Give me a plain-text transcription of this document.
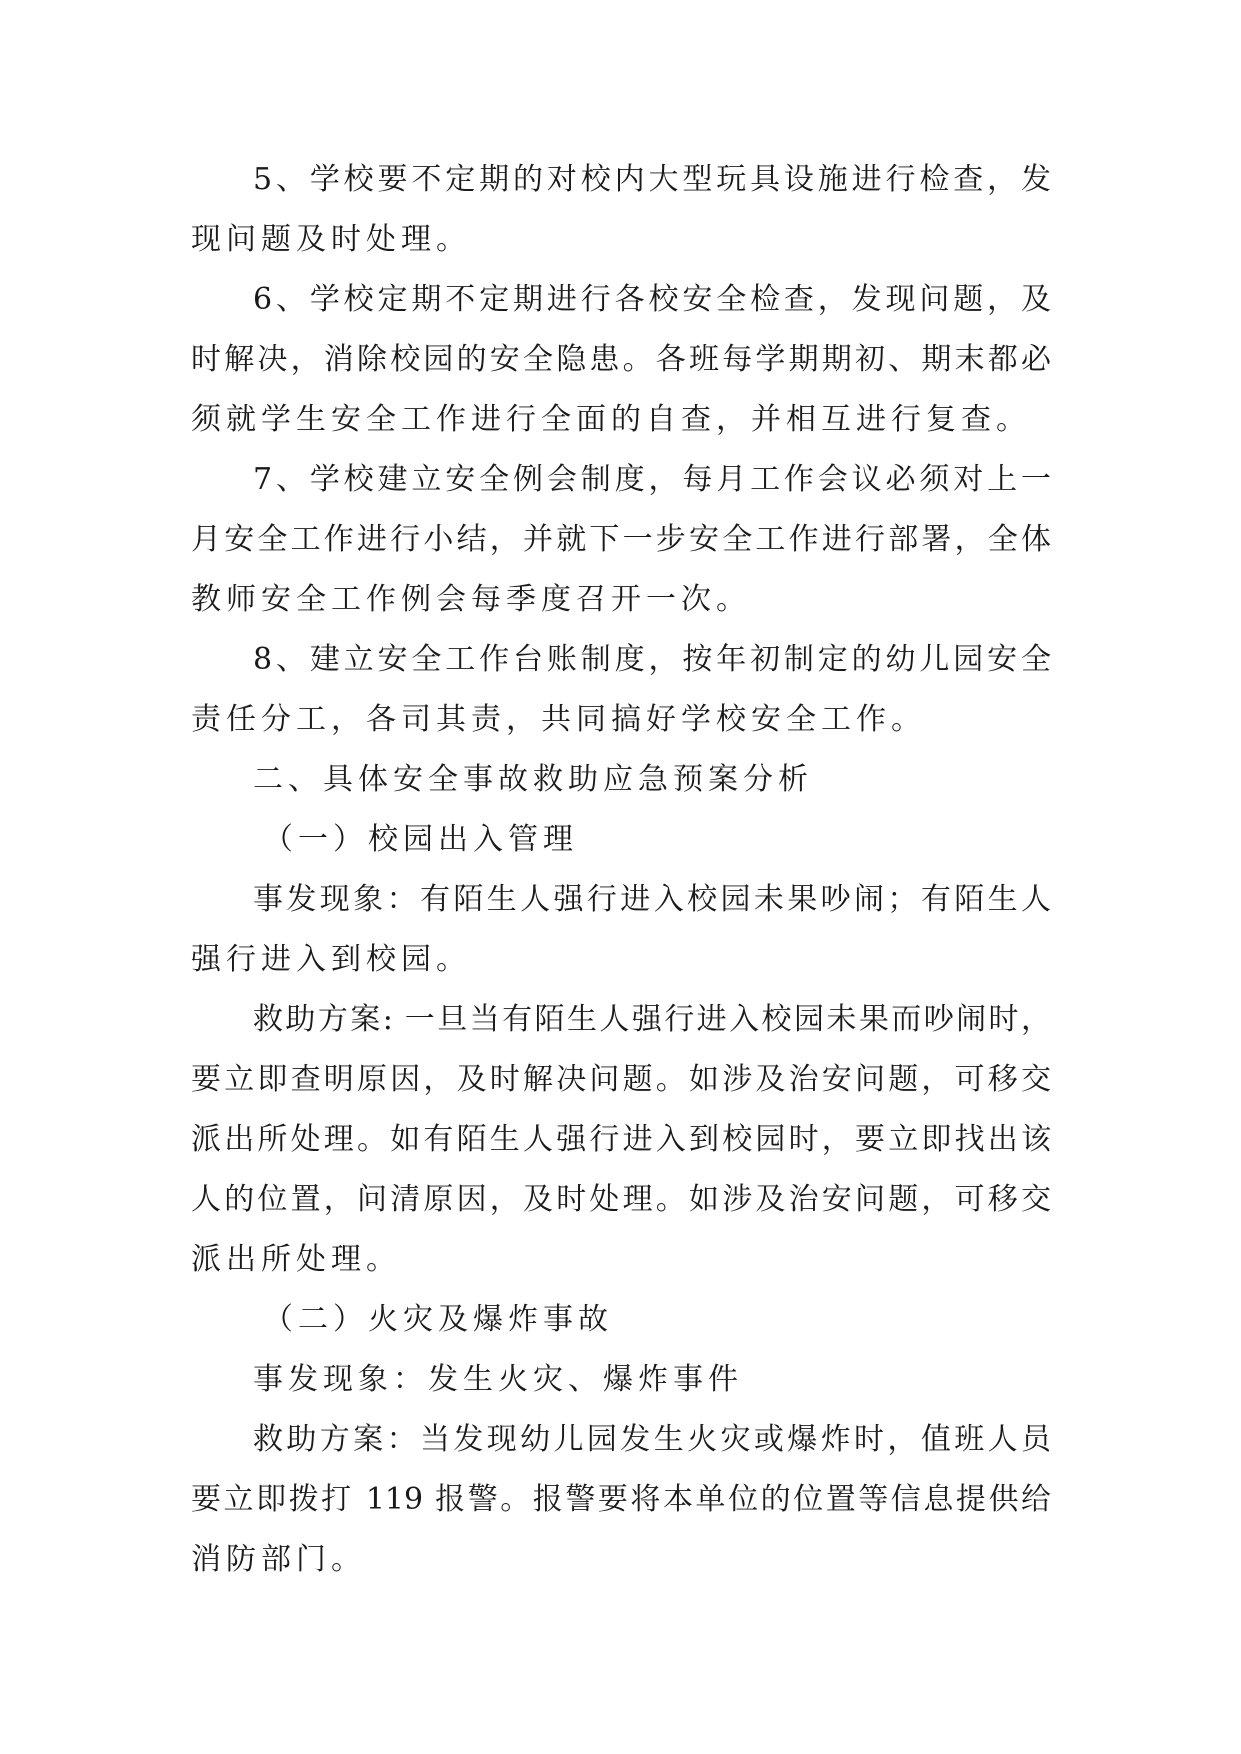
5、学校要不定期的对校内大型玩具设施进行检查，发
现问题及时处理。
6、学校定期不定期进行各校安全检查，发现问题，及
时解决，消除校园的安全隐患。各班每学期期初、期末都必
须就学生安全工作进行全面的自查，并相互进行复查。
7、学校建立安全例会制度，每月工作会议必须对上一
月安全工作进行小结，并就下一步安全工作进行部署，全体
教师安全工作例会每季度召开一次。
8、建立安全工作台账制度，按年初制定的幼儿园安全
责任分工，各司其责，共同搞好学校安全工作。
二、具体安全事故救助应急预案分析
（一）校园出入管理
事发现象：有陌生人强行进入校园未果吵闹；有陌生人
强行进入到校园。
救助方案: 一旦当有陌生人强行进入校园未果而吵闹时，
要立即查明原因，及时解决问题。如涉及治安问题，可移交
派出所处理。如有陌生人强行进入到校园时，要立即找出该
人的位置，问清原因，及时处理。如涉及治安问题，可移交
派出所处理。
（二）火灾及爆炸事故
事发现象：发生火灾、爆炸事件
救助方案：当发现幼儿园发生火灾或爆炸时，值班人员
要立即拨打 119 报警。报警要将本单位的位置等信息提供给
消防部门。
